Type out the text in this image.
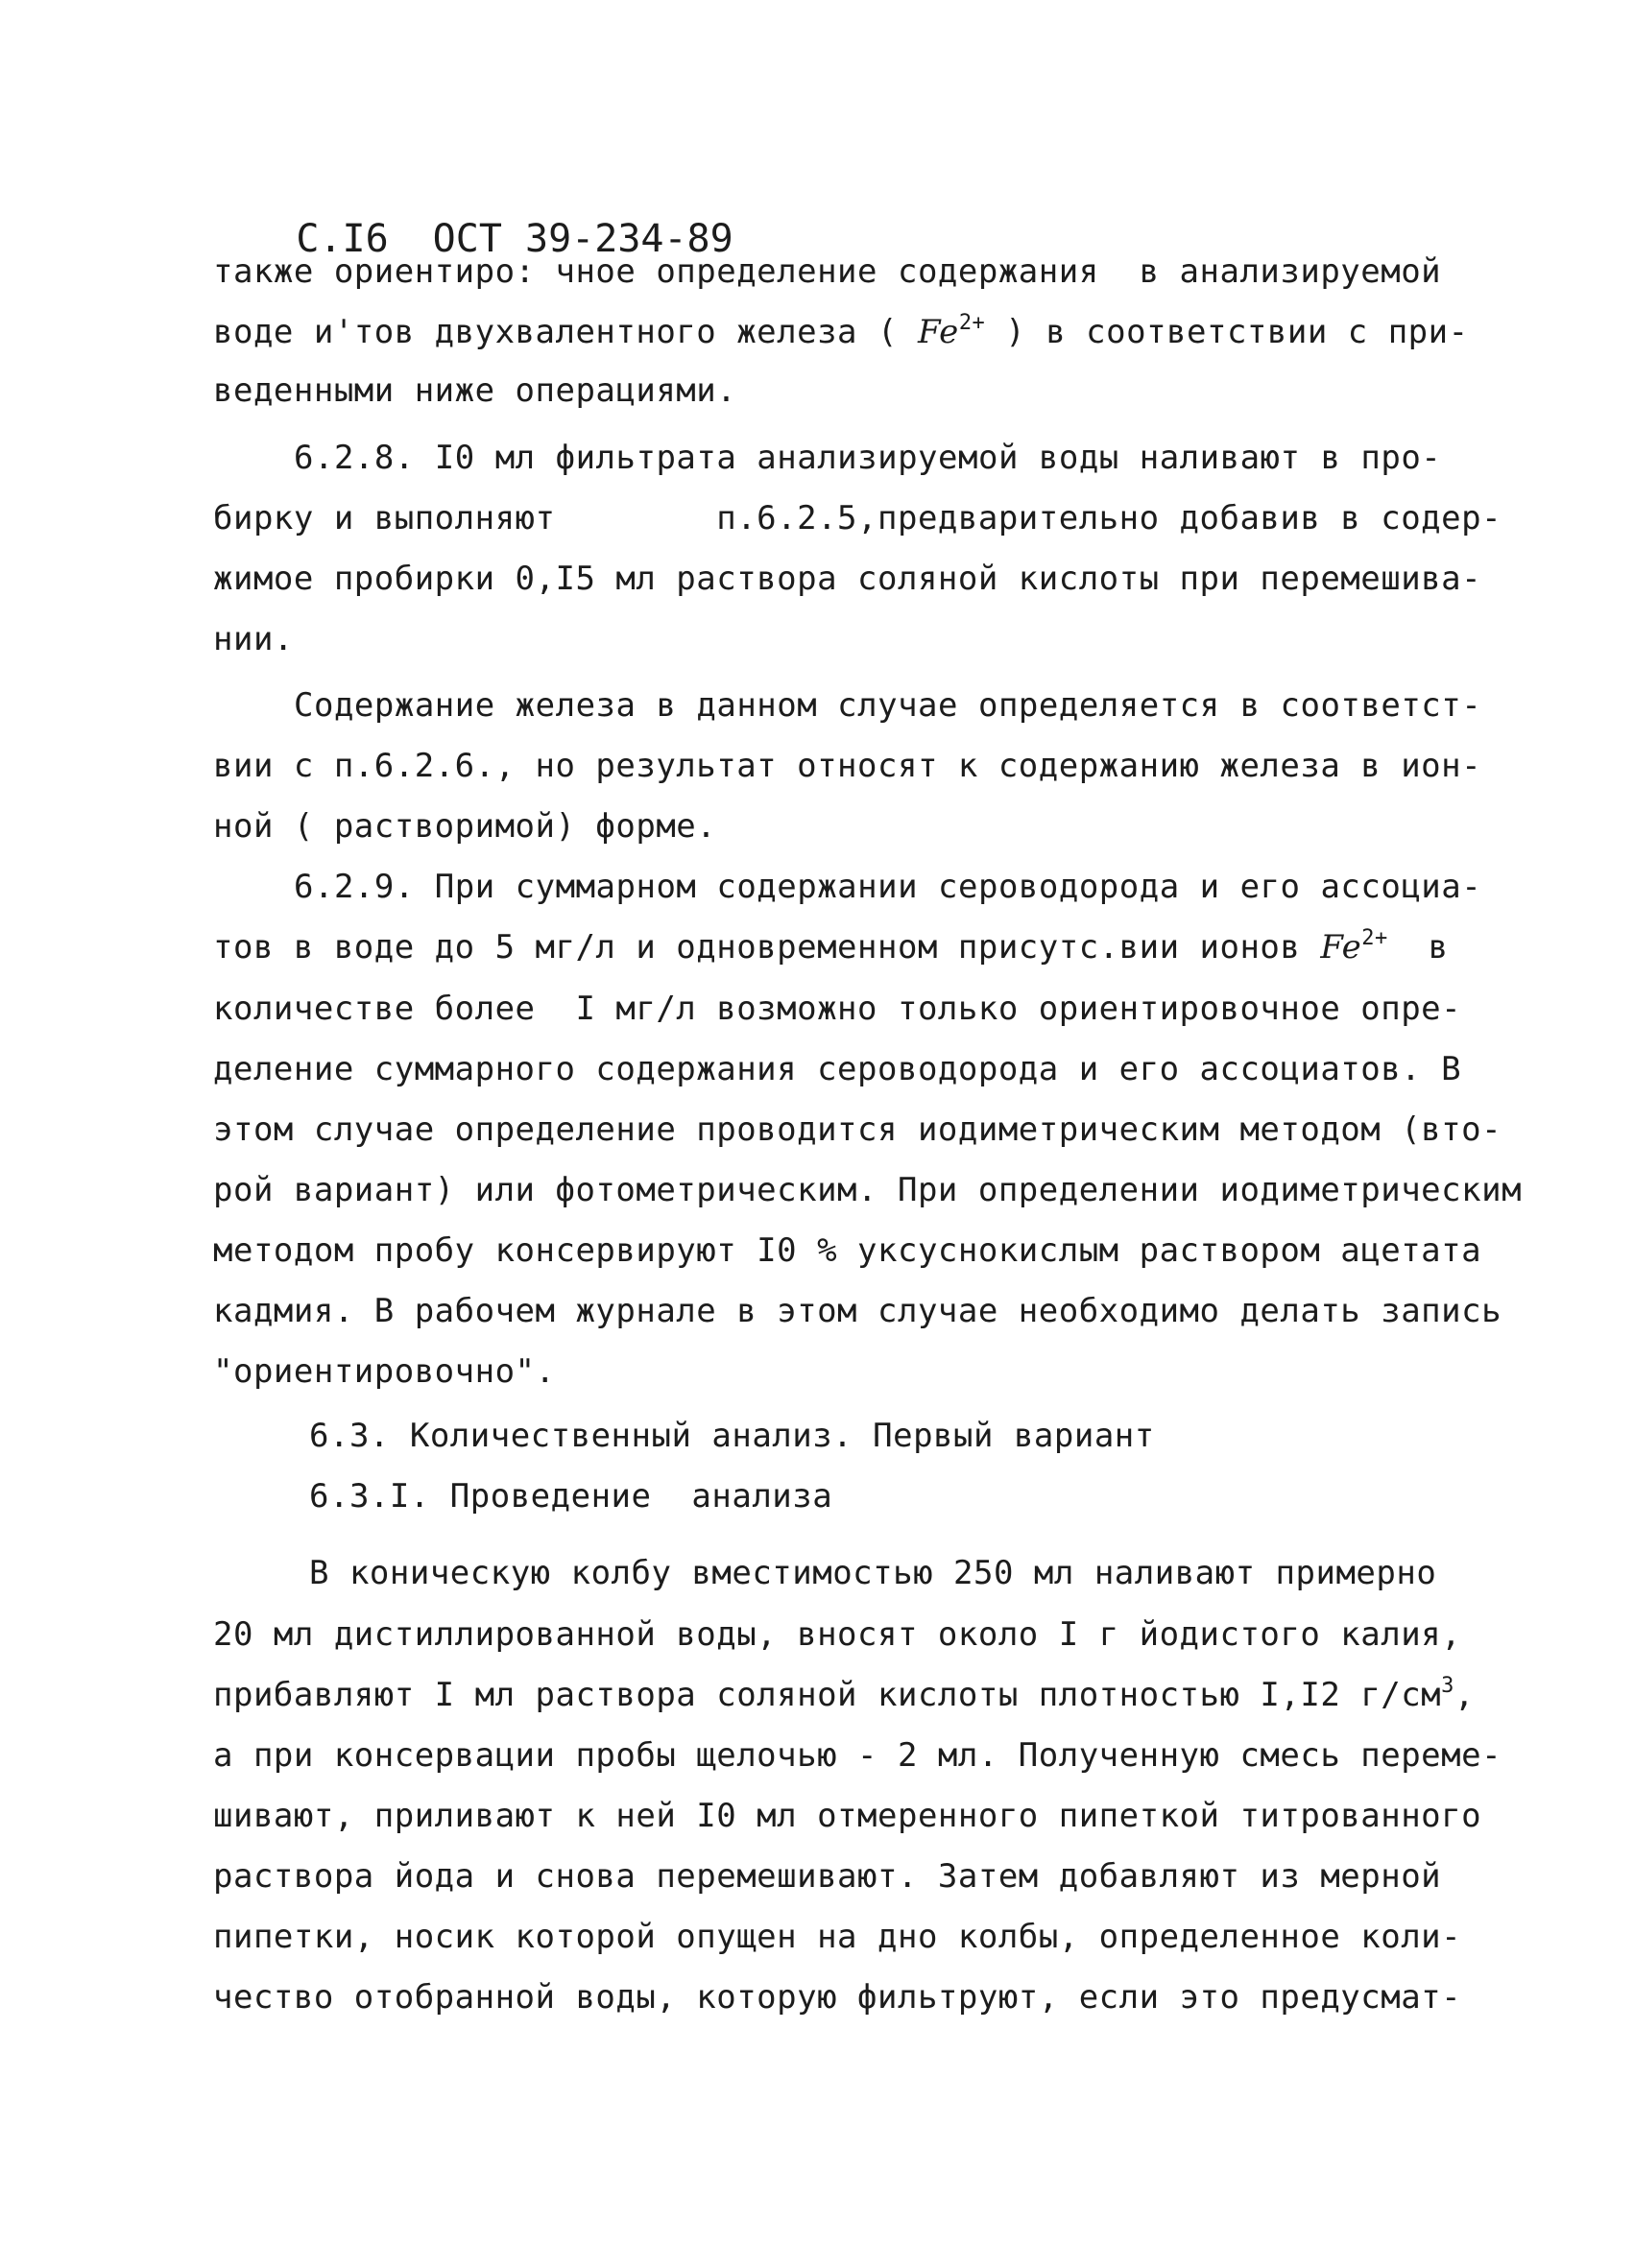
С.I6 ОСТ 39-234-89

также ориентиро: чное определение содержания  в анализируемой
воде и'тов двухвалентного железа ( $Fe^{2+}$ ) в соответствии с при-
веденными ниже операциями.
6.2.8. I0 мл фильтрата анализируемой воды наливают в про-
бирку и выполняют        п.6.2.5,предварительно добавив в содер-
жимое пробирки 0,I5 мл раствора соляной кислоты при перемешива-
нии.
Содержание железа в данном случае определяется в соответст-
вии с п.6.2.6., но результат относят к содержанию железа в ион-
ной ( растворимой) форме.
6.2.9. При суммарном содержании сероводорода и его ассоциа-
тов в воде до 5 мг/л и одновременном присутс.вии ионов $Fe^{2+}$  в
количестве более  I мг/л возможно только ориентировочное опре-
деление суммарного содержания сероводорода и его ассоциатов. В
этом случае определение проводится иодиметрическим методом (вто-
рой вариант) или фотометрическим. При определении иодиметрическим
методом пробу консервируют I0 % уксуснокислым раствором ацетата
кадмия. В рабочем журнале в этом случае необходимо делать запись
"ориентировочно".
6.3. Количественный анализ. Первый вариант
6.3.I. Проведение  анализа
В коническую колбу вместимостью 250 мл наливают примерно
20 мл дистиллированной воды, вносят около I г йодистого калия,
прибавляют I мл раствора соляной кислоты плотностью I,I2 $г/см^3$,
а при консервации пробы щелочью - 2 мл. Полученную смесь переме-
шивают, приливают к ней I0 мл отмеренного пипеткой титрованного
раствора йода и снова перемешивают. Затем добавляют из мерной
пипетки, носик которой опущен на дно колбы, определенное коли-
чество отобранной воды, которую фильтруют, если это предусмат-
